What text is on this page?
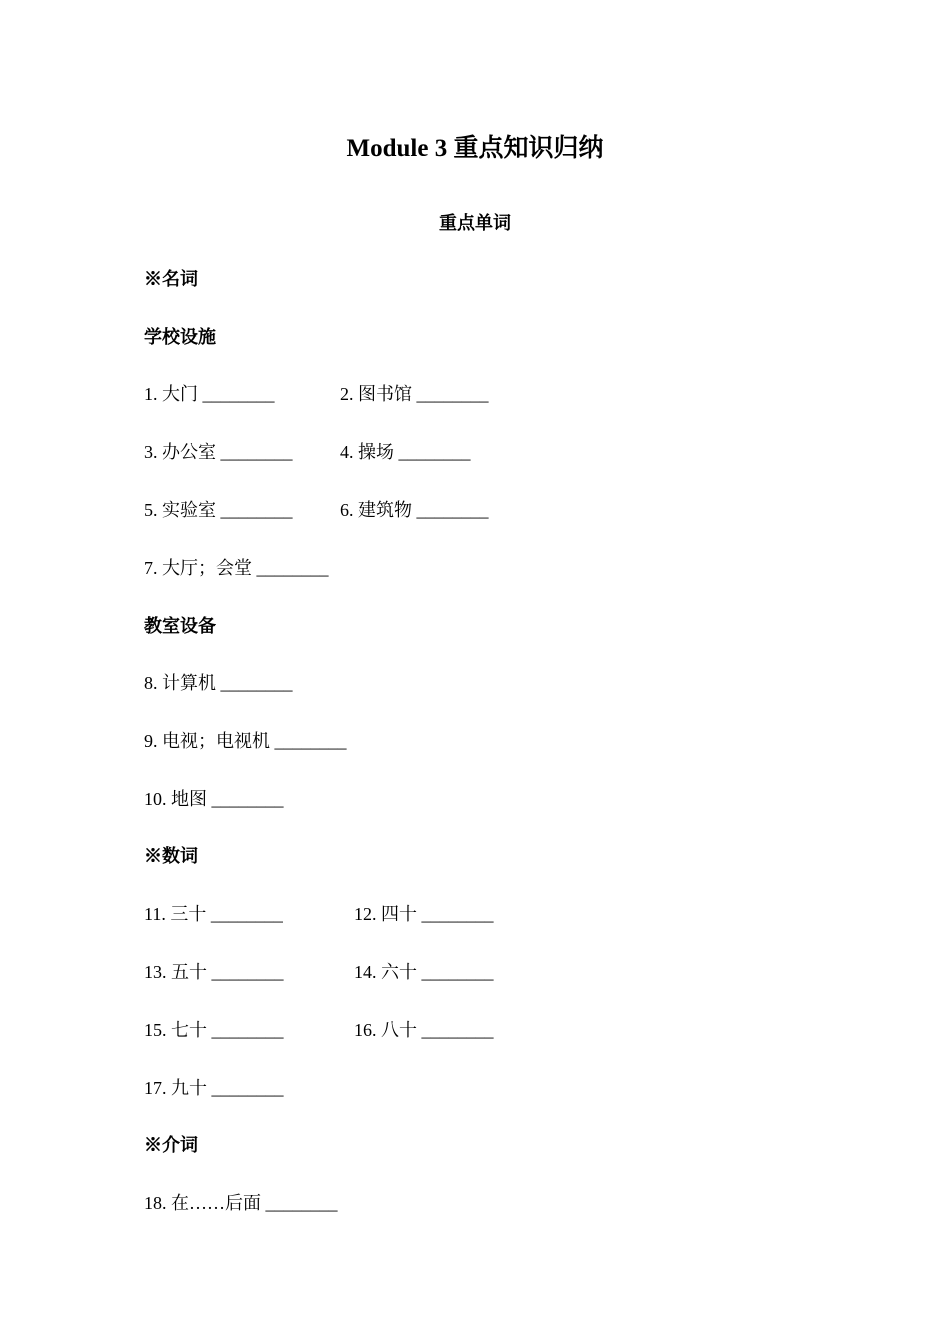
Module 3 重点知识归纳
重点单词
※名词
学校设施
1. 大门 ________	2. 图书馆 ________
3. 办公室 ________	4. 操场 ________
5. 实验室 ________	6. 建筑物 ________
7. 大厅；会堂 ________
教室设备
8. 计算机 ________
9. 电视；电视机 ________
10. 地图 ________
※数词
11. 三十 ________	12. 四十 ________
13. 五十 ________	14. 六十 ________
15. 七十 ________	16. 八十 ________
17. 九十 ________
※介词
18. 在……后面 ________
